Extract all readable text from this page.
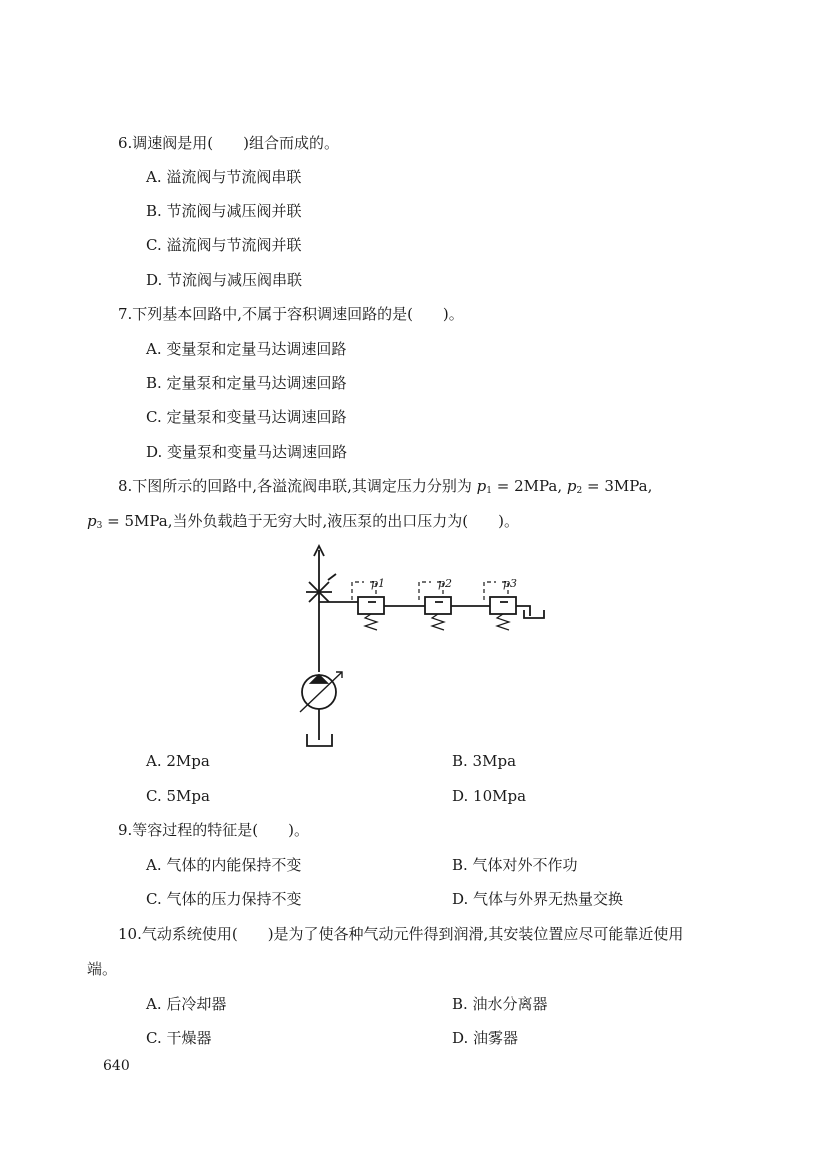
6.调速阀是用(　　)组合而成的。
A. 溢流阀与节流阀串联
B. 节流阀与减压阀并联
C. 溢流阀与节流阀并联
D. 节流阀与减压阀串联
7.下列基本回路中,不属于容积调速回路的是(　　)。
A. 变量泵和定量马达调速回路
B. 定量泵和定量马达调速回路
C. 定量泵和变量马达调速回路
D. 变量泵和变量马达调速回路
8.下图所示的回路中,各溢流阀串联,其调定压力分别为 $p_1 = 2MPa$, $p_2 = 3MPa$,
$p_3 = 5MPa$,当外负载趋于无穷大时,液压泵的出口压力为(　　)。
p1	p2	p3
A. 2Mpa	B. 3Mpa
C. 5Mpa	D. 10Mpa
9.等容过程的特征是(　　)。
A. 气体的内能保持不变	B. 气体对外不作功
C. 气体的压力保持不变	D. 气体与外界无热量交换
10.气动系统使用(　　)是为了使各种气动元件得到润滑,其安装位置应尽可能靠近使用
端。
A. 后冷却器	B. 油水分离器
C. 干燥器	D. 油雾器
640
